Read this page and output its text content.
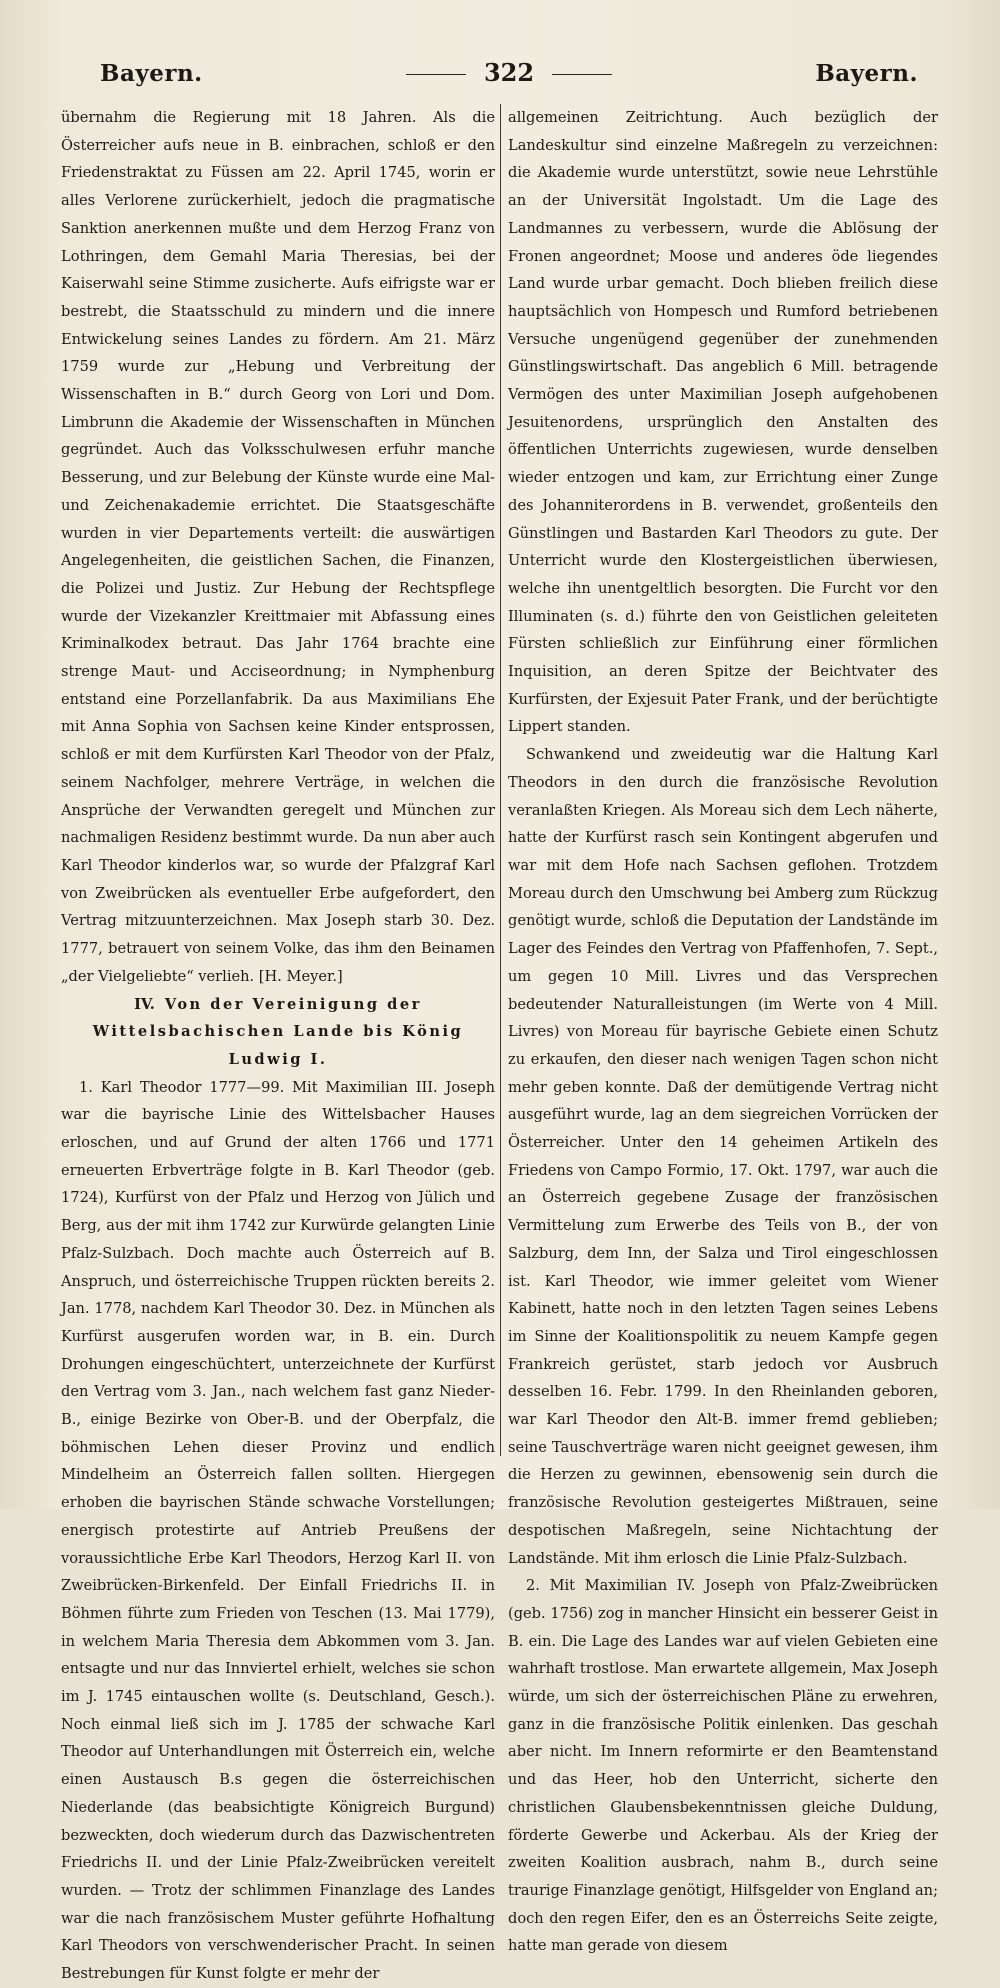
Bayern.	322	Bayern.

übernahm die Regierung mit 18 Jahren. Als die Österreicher aufs neue in B. einbrachen, schloß er den Friedenstraktat zu Füssen am 22. April 1745, worin er alles Verlorene zurückerhielt, jedoch die pragmatische Sanktion anerkennen mußte und dem Herzog Franz von Lothringen, dem Gemahl Maria Theresias, bei der Kaiserwahl seine Stimme zusicherte. Aufs eifrigste war er bestrebt, die Staatsschuld zu mindern und die innere Entwickelung seines Landes zu fördern. Am 21. März 1759 wurde zur „Hebung und Verbreitung der Wissenschaften in B.“ durch Georg von Lori und Dom. Limbrunn die Akademie der Wissenschaften in München gegründet. Auch das Volksschulwesen erfuhr manche Besserung, und zur Belebung der Künste wurde eine Mal- und Zeichenakademie errichtet. Die Staatsgeschäfte wurden in vier Departements verteilt: die auswärtigen Angelegenheiten, die geistlichen Sachen, die Finanzen, die Polizei und Justiz. Zur Hebung der Rechtspflege wurde der Vizekanzler Kreittmaier mit Abfassung eines Kriminalkodex betraut. Das Jahr 1764 brachte eine strenge Maut- und Acciseordnung; in Nymphenburg entstand eine Porzellanfabrik. Da aus Maximilians Ehe mit Anna Sophia von Sachsen keine Kinder entsprossen, schloß er mit dem Kurfürsten Karl Theodor von der Pfalz, seinem Nachfolger, mehrere Verträge, in welchen die Ansprüche der Verwandten geregelt und München zur nachmaligen Residenz bestimmt wurde. Da nun aber auch Karl Theodor kinderlos war, so wurde der Pfalzgraf Karl von Zweibrücken als eventueller Erbe aufgefordert, den Vertrag mitzuunterzeichnen. Max Joseph starb 30. Dez. 1777, betrauert von seinem Volke, das ihm den Beinamen „der Vielgeliebte“ verlieh. [H. Meyer.]

IV. Von der Vereinigung der Wittelsbachischen Lande bis König Ludwig I.

1. Karl Theodor 1777—99. Mit Maximilian III. Joseph war die bayrische Linie des Wittelsbacher Hauses erloschen, und auf Grund der alten 1766 und 1771 erneuerten Erbverträge folgte in B. Karl Theodor (geb. 1724), Kurfürst von der Pfalz und Herzog von Jülich und Berg, aus der mit ihm 1742 zur Kurwürde gelangten Linie Pfalz-Sulzbach. Doch machte auch Österreich auf B. Anspruch, und österreichische Truppen rückten bereits 2. Jan. 1778, nachdem Karl Theodor 30. Dez. in München als Kurfürst ausgerufen worden war, in B. ein. Durch Drohungen eingeschüchtert, unterzeichnete der Kurfürst den Vertrag vom 3. Jan., nach welchem fast ganz Nieder-B., einige Bezirke von Ober-B. und der Oberpfalz, die böhmischen Lehen dieser Provinz und endlich Mindelheim an Österreich fallen sollten. Hiergegen erhoben die bayrischen Stände schwache Vorstellungen; energisch protestirte auf Antrieb Preußens der voraussichtliche Erbe Karl Theodors, Herzog Karl II. von Zweibrücken-Birkenfeld. Der Einfall Friedrichs II. in Böhmen führte zum Frieden von Teschen (13. Mai 1779), in welchem Maria Theresia dem Abkommen vom 3. Jan. entsagte und nur das Innviertel erhielt, welches sie schon im J. 1745 eintauschen wollte (s. Deutschland, Gesch.). Noch einmal ließ sich im J. 1785 der schwache Karl Theodor auf Unterhandlungen mit Österreich ein, welche einen Austausch B.s gegen die österreichischen Niederlande (das beabsichtigte Königreich Burgund) bezweckten, doch wiederum durch das Dazwischentreten Friedrichs II. und der Linie Pfalz-Zweibrücken vereitelt wurden. — Trotz der schlimmen Finanzlage des Landes war die nach französischem Muster geführte Hofhaltung Karl Theodors von verschwenderischer Pracht. In seinen Bestrebungen für Kunst folgte er mehr der

allgemeinen Zeitrichtung. Auch bezüglich der Landeskultur sind einzelne Maßregeln zu verzeichnen: die Akademie wurde unterstützt, sowie neue Lehrstühle an der Universität Ingolstadt. Um die Lage des Landmannes zu verbessern, wurde die Ablösung der Fronen angeordnet; Moose und anderes öde liegendes Land wurde urbar gemacht. Doch blieben freilich diese hauptsächlich von Hompesch und Rumford betriebenen Versuche ungenügend gegenüber der zunehmenden Günstlingswirtschaft. Das angeblich 6 Mill. betragende Vermögen des unter Maximilian Joseph aufgehobenen Jesuitenordens, ursprünglich den Anstalten des öffentlichen Unterrichts zugewiesen, wurde denselben wieder entzogen und kam, zur Errichtung einer Zunge des Johanniterordens in B. verwendet, großenteils den Günstlingen und Bastarden Karl Theodors zu gute. Der Unterricht wurde den Klostergeistlichen überwiesen, welche ihn unentgeltlich besorgten. Die Furcht vor den Illuminaten (s. d.) führte den von Geistlichen geleiteten Fürsten schließlich zur Einführung einer förmlichen Inquisition, an deren Spitze der Beichtvater des Kurfürsten, der Exjesuit Pater Frank, und der berüchtigte Lippert standen.

Schwankend und zweideutig war die Haltung Karl Theodors in den durch die französische Revolution veranlaßten Kriegen. Als Moreau sich dem Lech näherte, hatte der Kurfürst rasch sein Kontingent abgerufen und war mit dem Hofe nach Sachsen geflohen. Trotzdem Moreau durch den Umschwung bei Amberg zum Rückzug genötigt wurde, schloß die Deputation der Landstände im Lager des Feindes den Vertrag von Pfaffenhofen, 7. Sept., um gegen 10 Mill. Livres und das Versprechen bedeutender Naturalleistungen (im Werte von 4 Mill. Livres) von Moreau für bayrische Gebiete einen Schutz zu erkaufen, den dieser nach wenigen Tagen schon nicht mehr geben konnte. Daß der demütigende Vertrag nicht ausgeführt wurde, lag an dem siegreichen Vorrücken der Österreicher. Unter den 14 geheimen Artikeln des Friedens von Campo Formio, 17. Okt. 1797, war auch die an Österreich gegebene Zusage der französischen Vermittelung zum Erwerbe des Teils von B., der von Salzburg, dem Inn, der Salza und Tirol eingeschlossen ist. Karl Theodor, wie immer geleitet vom Wiener Kabinett, hatte noch in den letzten Tagen seines Lebens im Sinne der Koalitionspolitik zu neuem Kampfe gegen Frankreich gerüstet, starb jedoch vor Ausbruch desselben 16. Febr. 1799. In den Rheinlanden geboren, war Karl Theodor den Alt-B. immer fremd geblieben; seine Tauschverträge waren nicht geeignet gewesen, ihm die Herzen zu gewinnen, ebensowenig sein durch die französische Revolution gesteigertes Mißtrauen, seine despotischen Maßregeln, seine Nichtachtung der Landstände. Mit ihm erlosch die Linie Pfalz-Sulzbach.

2. Mit Maximilian IV. Joseph von Pfalz-Zweibrücken (geb. 1756) zog in mancher Hinsicht ein besserer Geist in B. ein. Die Lage des Landes war auf vielen Gebieten eine wahrhaft trostlose. Man erwartete allgemein, Max Joseph würde, um sich der österreichischen Pläne zu erwehren, ganz in die französische Politik einlenken. Das geschah aber nicht. Im Innern reformirte er den Beamtenstand und das Heer, hob den Unterricht, sicherte den christlichen Glaubensbekenntnissen gleiche Duldung, förderte Gewerbe und Ackerbau. Als der Krieg der zweiten Koalition ausbrach, nahm B., durch seine traurige Finanzlage genötigt, Hilfsgelder von England an; doch den regen Eifer, den es an Österreichs Seite zeigte, hatte man gerade von diesem
